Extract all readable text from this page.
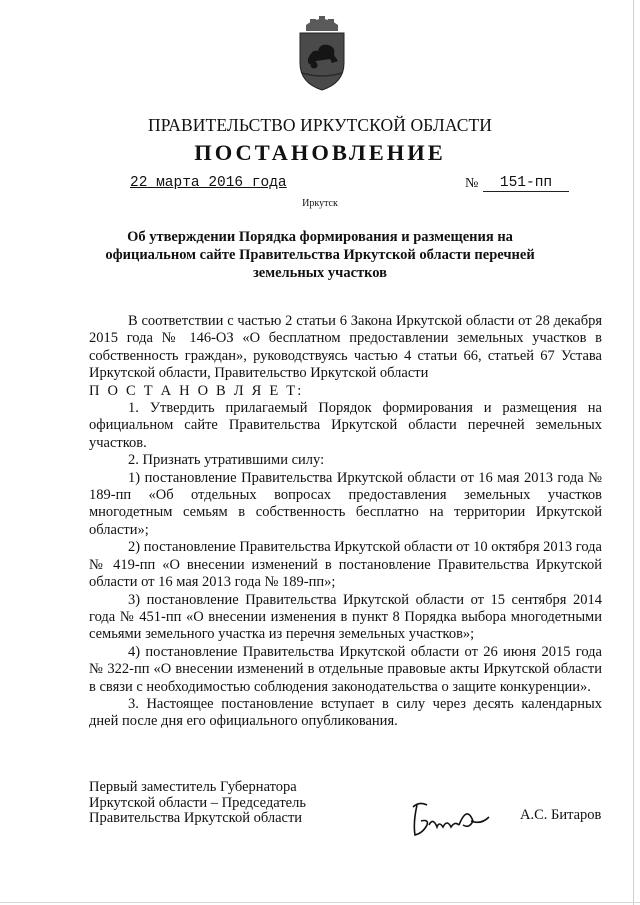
ПРАВИТЕЛЬСТВО ИРКУТСКОЙ ОБЛАСТИ
ПОСТАНОВЛЕНИЕ
22 марта 2016 года	№	151-пп
Иркутск
Об утверждении Порядка формирования и размещения на официальном сайте Правительства Иркутской области перечней земельных участков

В соответствии с частью 2 статьи 6 Закона Иркутской области от 28 декабря 2015 года № 146-ОЗ «О бесплатном предоставлении земельных участков в собственность граждан», руководствуясь частью 4 статьи 66, статьей 67 Устава Иркутской области, Правительство Иркутской области

П О С Т А Н О В Л Я Е Т:

1. Утвердить прилагаемый Порядок формирования и размещения на официальном сайте Правительства Иркутской области перечней земельных участков.

2. Признать утратившими силу:

1) постановление Правительства Иркутской области от 16 мая 2013 года № 189-пп «Об отдельных вопросах предоставления земельных участков многодетным семьям в собственность бесплатно на территории Иркутской области»;

2) постановление Правительства Иркутской области от 10 октября 2013 года № 419-пп «О внесении изменений в постановление Правительства Иркутской области от 16 мая 2013 года № 189-пп»;

3) постановление Правительства Иркутской области от 15 сентября 2014 года № 451-пп «О внесении изменения в пункт 8 Порядка выбора многодетными семьями земельного участка из перечня земельных участков»;

4) постановление Правительства Иркутской области от 26 июня 2015 года № 322-пп «О внесении изменений в отдельные правовые акты Иркутской области в связи с необходимостью соблюдения законодательства о защите конкуренции».

3. Настоящее постановление вступает в силу через десять календарных дней после дня его официального опубликования.

Первый заместитель Губернатора
Иркутской области – Председатель
Правительства Иркутской области	А.С. Битаров
